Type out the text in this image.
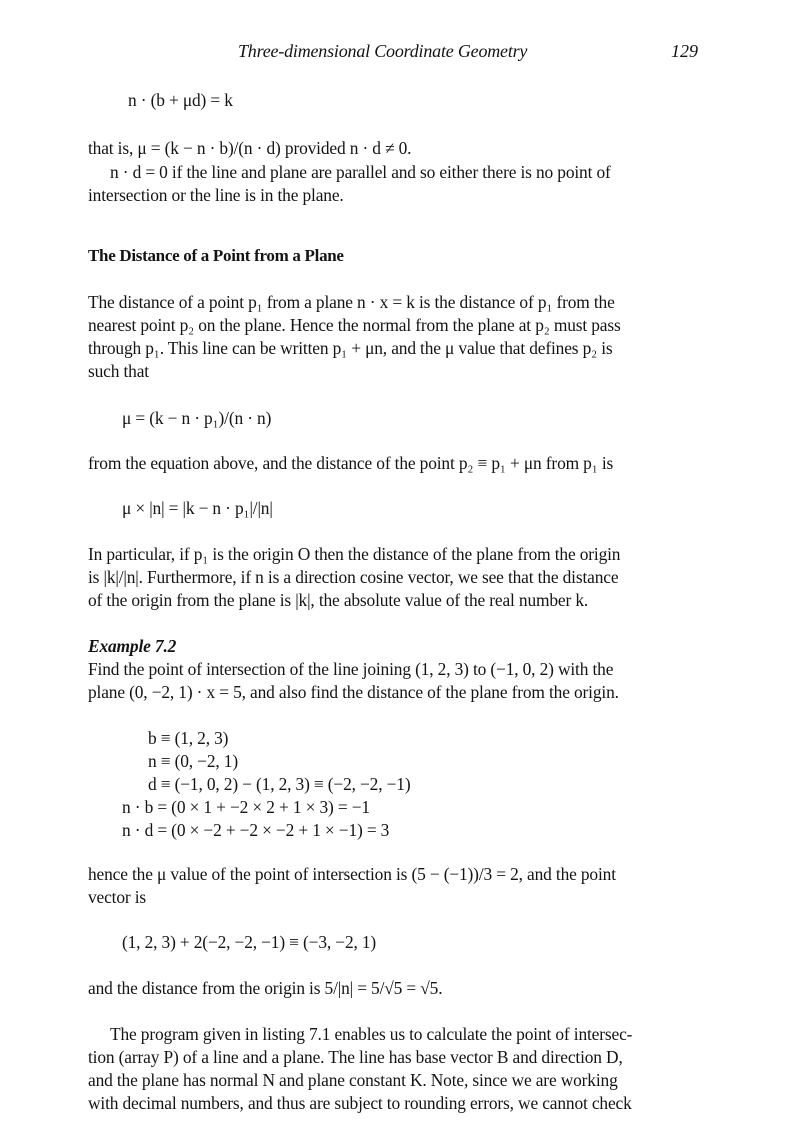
Three-dimensional Coordinate Geometry	129
n · (b + μd) = k
that is, μ = (k − n · b)/(n · d) provided n · d ≠ 0.
n · d = 0 if the line and plane are parallel and so either there is no point of
intersection or the line is in the plane.
The Distance of a Point from a Plane
The distance of a point p₁ from a plane n · x = k is the distance of p₁ from the
nearest point p₂ on the plane. Hence the normal from the plane at p₂ must pass
through p₁. This line can be written p₁ + μn, and the μ value that defines p₂ is
such that
μ = (k − n · p₁)/(n · n)
from the equation above, and the distance of the point p₂ ≡ p₁ + μn from p₁ is
μ × |n| = |k − n · p₁|/|n|
In particular, if p₁ is the origin O then the distance of the plane from the origin
is |k|/|n|. Furthermore, if n is a direction cosine vector, we see that the distance
of the origin from the plane is |k|, the absolute value of the real number k.
Example 7.2
Find the point of intersection of the line joining (1, 2, 3) to (−1, 0, 2) with the
plane (0, −2, 1) · x = 5, and also find the distance of the plane from the origin.
b ≡ (1, 2, 3)
n ≡ (0, −2, 1)
d ≡ (−1, 0, 2) − (1, 2, 3) ≡ (−2, −2, −1)
n · b = (0 × 1 + −2 × 2 + 1 × 3) = −1
n · d = (0 × −2 + −2 × −2 + 1 × −1) = 3
hence the μ value of the point of intersection is (5 − (−1))/3 = 2, and the point
vector is
(1, 2, 3) + 2(−2, −2, −1) ≡ (−3, −2, 1)
and the distance from the origin is 5/|n| = 5/√5 = √5.
The program given in listing 7.1 enables us to calculate the point of intersec-
tion (array P) of a line and a plane. The line has base vector B and direction D,
and the plane has normal N and plane constant K. Note, since we are working
with decimal numbers, and thus are subject to rounding errors, we cannot check
